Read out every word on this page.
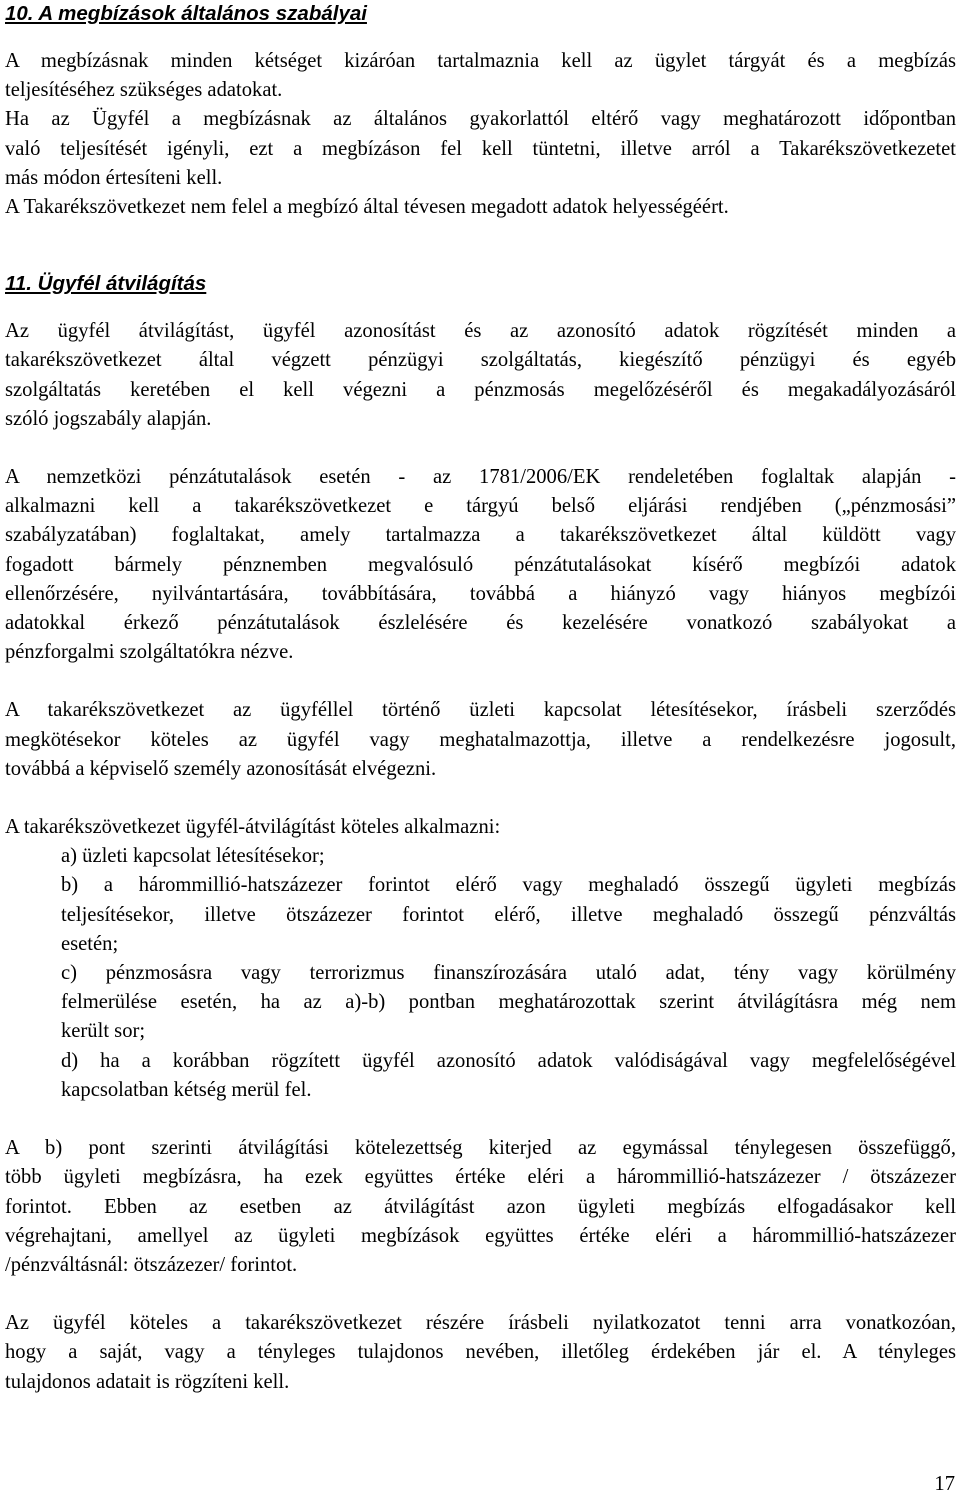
10. A megbízások általános szabályai

A megbízásnak minden kétséget kizáróan tartalmaznia kell az ügylet tárgyát és a megbízás
teljesítéséhez szükséges adatokat.

Ha az Ügyfél a megbízásnak az általános gyakorlattól eltérő vagy meghatározott időpontban
való teljesítését igényli, ezt a megbízáson fel kell tüntetni, illetve arról a Takarékszövetkezetet
más módon értesíteni kell.

A Takarékszövetkezet nem felel a megbízó által tévesen megadott adatok helyességéért.

11. Ügyfél átvilágítás

Az ügyfél átvilágítást, ügyfél azonosítást és az azonosító adatok rögzítését minden a
takarékszövetkezet által végzett pénzügyi szolgáltatás, kiegészítő pénzügyi és egyéb
szolgáltatás keretében el kell végezni a pénzmosás megelőzéséről és megakadályozásáról
szóló jogszabály alapján.

A nemzetközi pénzátutalások esetén - az 1781/2006/EK rendeletében foglaltak alapján -
alkalmazni kell a takarékszövetkezet e tárgyú belső eljárási rendjében („pénzmosási”
szabályzatában) foglaltakat, amely tartalmazza a takarékszövetkezet által küldött vagy
fogadott bármely pénznemben megvalósuló pénzátutalásokat kísérő megbízói adatok
ellenőrzésére, nyilvántartására, továbbítására, továbbá a hiányzó vagy hiányos megbízói
adatokkal érkező pénzátutalások észlelésére és kezelésére vonatkozó szabályokat a
pénzforgalmi szolgáltatókra nézve.

A takarékszövetkezet az ügyféllel történő üzleti kapcsolat létesítésekor, írásbeli szerződés
megkötésekor köteles az ügyfél vagy meghatalmazottja, illetve a rendelkezésre jogosult,
továbbá a képviselő személy azonosítását elvégezni.

A takarékszövetkezet ügyfél-átvilágítást köteles alkalmazni:

a) üzleti kapcsolat létesítésekor;
b) a hárommillió-hatszázezer forintot elérő vagy meghaladó összegű ügyleti megbízás
teljesítésekor, illetve ötszázezer forintot elérő, illetve meghaladó összegű pénzváltás
esetén;
c) pénzmosásra vagy terrorizmus finanszírozására utaló adat, tény vagy körülmény
felmerülése esetén, ha az a)-b) pontban meghatározottak szerint átvilágításra még nem
került sor;
d) ha a korábban rögzített ügyfél azonosító adatok valódiságával vagy megfelelőségével
kapcsolatban kétség merül fel.

A b) pont szerinti átvilágítási kötelezettség kiterjed az egymással ténylegesen összefüggő,
több ügyleti megbízásra, ha ezek együttes értéke eléri a hárommillió-hatszázezer / ötszázezer
forintot. Ebben az esetben az átvilágítást azon ügyleti megbízás elfogadásakor kell
végrehajtani, amellyel az ügyleti megbízások együttes értéke eléri a hárommillió-hatszázezer
/pénzváltásnál: ötszázezer/ forintot.

Az ügyfél köteles a takarékszövetkezet részére írásbeli nyilatkozatot tenni arra vonatkozóan,
hogy a saját, vagy a tényleges tulajdonos nevében, illetőleg érdekében jár el. A tényleges
tulajdonos adatait is rögzíteni kell.

17
